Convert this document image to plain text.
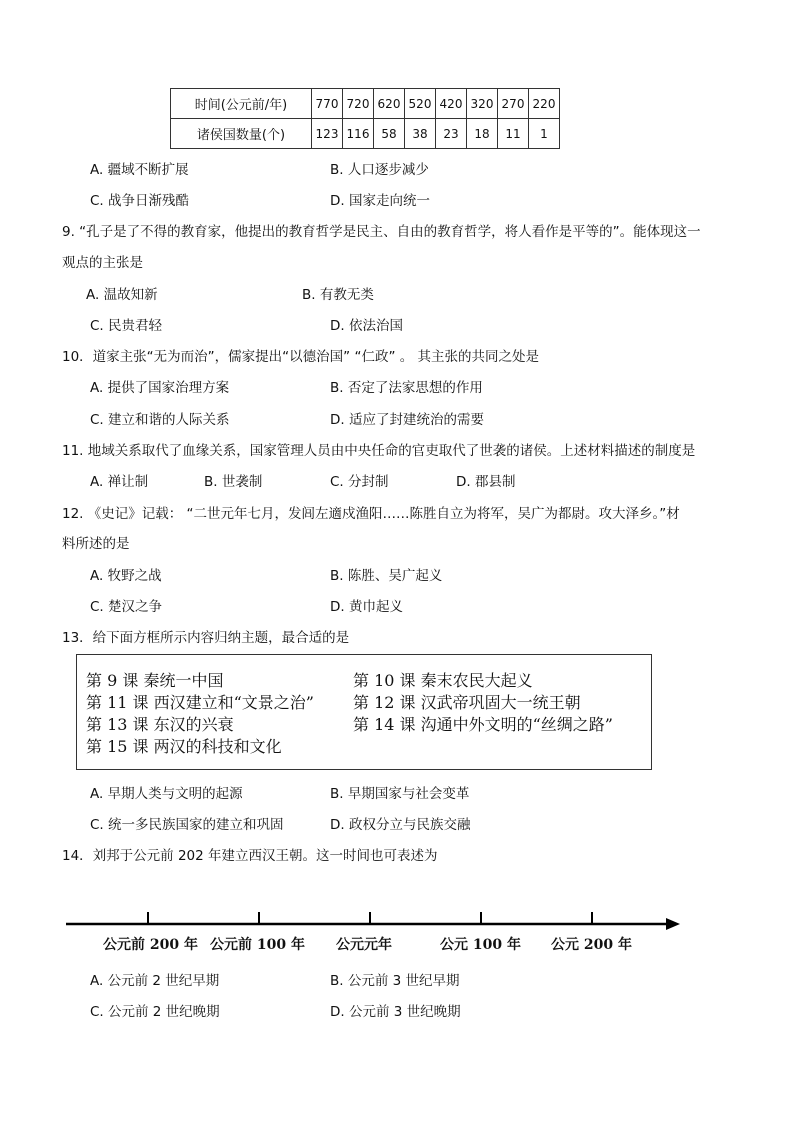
时间(公元前/年)	770	720	620	520	420	320	270	220
诸侯国数量(个)	123	116	58	38	23	18	11	1
A. 疆域不断扩展	B. 人口逐步减少
C. 战争日渐残酷	D. 国家走向统一
9. “孔子是了不得的教育家，他提出的教育哲学是民主、自由的教育哲学，将人看作是平等的”。能体现这一
观点的主张是
A. 温故知新	B. 有教无类
C. 民贵君轻	D. 依法治国
10．道家主张“无为而治”，儒家提出“以德治国” “仁政” 。 其主张的共同之处是
A. 提供了国家治理方案	B. 否定了法家思想的作用
C. 建立和谐的人际关系	D. 适应了封建统治的需要
11. 地域关系取代了血缘关系，国家管理人员由中央任命的官吏取代了世袭的诸侯。上述材料描述的制度是
A. 禅让制	B. 世袭制	C. 分封制	D. 郡县制
12. 《史记》记载： “二世元年七月，发闾左適戍渔阳……陈胜自立为将军，吴广为都尉。攻大泽乡。”材
料所述的是
A. 牧野之战	B. 陈胜、吴广起义
C. 楚汉之争	D. 黄巾起义
13．给下面方框所示内容归纳主题，最合适的是
第 9 课 秦统一中国	第 10 课 秦末农民大起义
第 11 课 西汉建立和“文景之治” 第 12 课 汉武帝巩固大一统王朝
第 13 课 东汉的兴衰	第 14 课 沟通中外文明的“丝绸之路”
第 15 课 两汉的科技和文化
A. 早期人类与文明的起源	B. 早期国家与社会变革
C. 统一多民族国家的建立和巩固	D. 政权分立与民族交融
14．刘邦于公元前 202 年建立西汉王朝。这一时间也可表述为
公元前 200 年 公元前 100 年 公元元年	公元 100 年 公元 200 年
A. 公元前 2 世纪早期	B. 公元前 3 世纪早期
C. 公元前 2 世纪晚期	D. 公元前 3 世纪晚期
